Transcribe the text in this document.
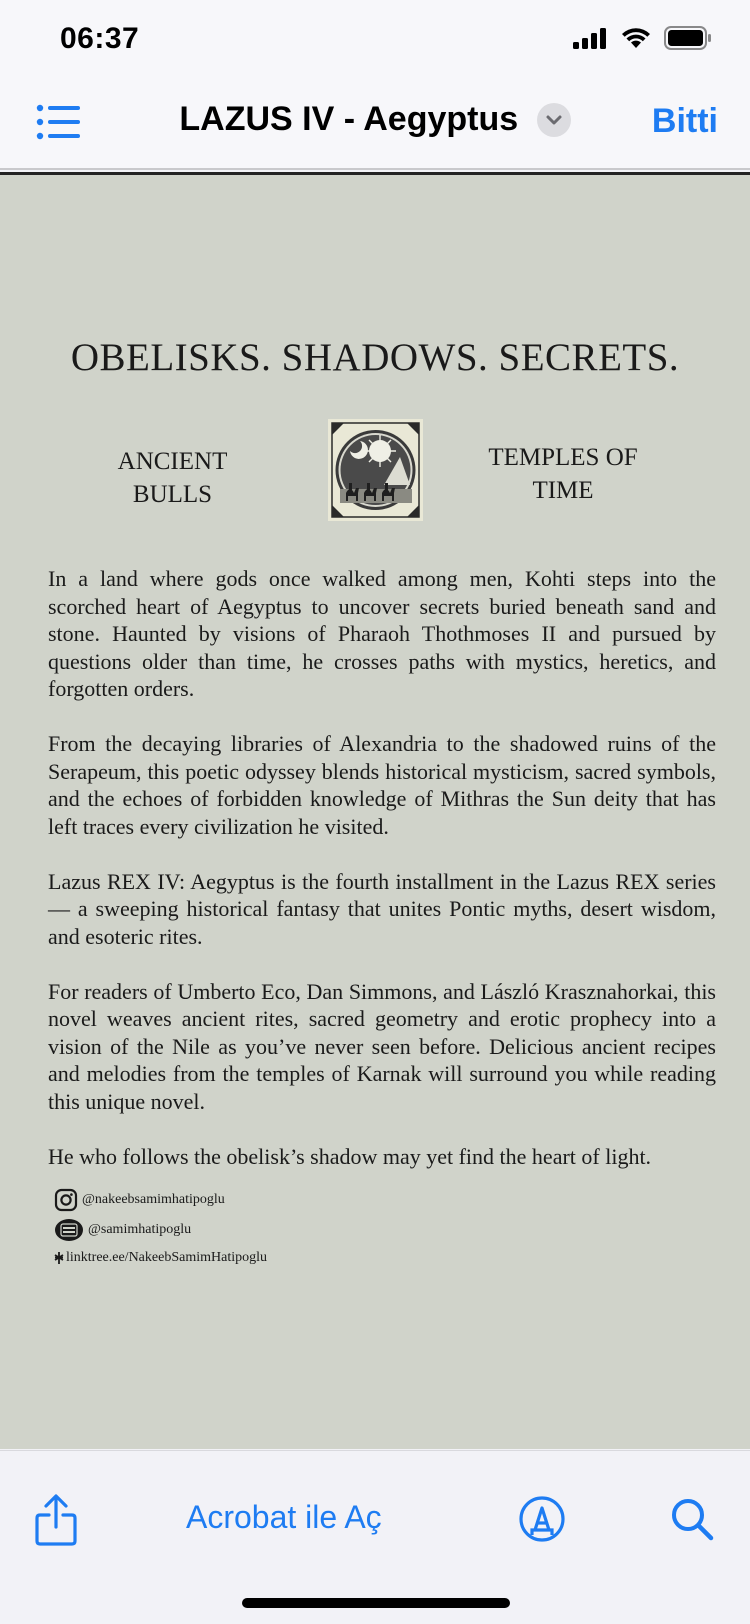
06:37
LAZUS IV - Aegyptus	Bitti
OBELISKS. SHADOWS. SECRETS.
ANCIENT BULLS
TEMPLES OF TIME

In a land where gods once walked among men, Kohti steps into the scorched heart of Aegyptus to uncover secrets buried beneath sand and stone. Haunted by visions of Pharaoh Thothmoses II and pursued by questions older than time, he crosses paths with mystics, heretics, and forgotten orders.

From the decaying libraries of Alexandria to the shadowed ruins of the Serapeum, this poetic odyssey blends historical mysticism, sacred symbols, and the echoes of forbidden knowledge of Mithras the Sun deity that has left traces every civilization he visited.

Lazus REX IV: Aegyptus is the fourth installment in the Lazus REX series — a sweeping historical fantasy that unites Pontic myths, desert wisdom, and esoteric rites.

For readers of Umberto Eco, Dan Simmons, and László Krasznahorkai, this novel weaves ancient rites, sacred geometry and erotic prophecy into a vision of the Nile as you’ve never seen before. Delicious ancient recipes and melodies from the temples of Karnak will surround you while reading this unique novel.

He who follows the obelisk’s shadow may yet find the heart of light.

@nakeebsamimhatipoglu
@samimhatipoglu
linktree.ee/NakeebSamimHatipoglu
Acrobat ile Aç
